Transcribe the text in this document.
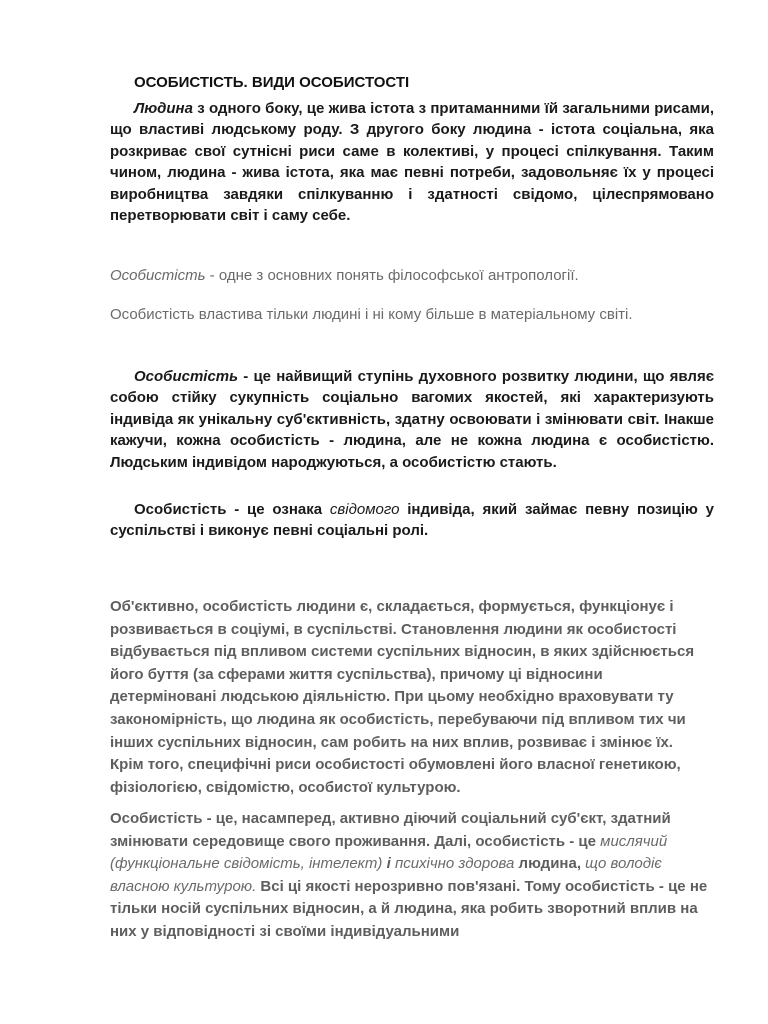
ОСОБИСТІСТЬ. ВИДИ ОСОБИСТОСТІ

Людина з одного боку, це жива істота з притаманними їй загальними рисами, що властиві людському роду. З другого боку людина - істота соціальна, яка розкриває свої сутнісні риси саме в колективі, у процесі спілкування. Таким чином, людина - жива істота, яка має певні потреби, задовольняє їх у процесі виробництва завдяки спілкуванню і здатності свідомо, цілеспрямовано перетворювати світ і саму себе.

Особистість - одне з основних понять філософської антропології.

Особистість властива тільки людині і ні кому більше в матеріальному світі.

Особистість - це найвищий ступінь духовного розвитку людини, що являє собою стійку сукупність соціально вагомих якостей, які характеризують індивіда як унікальну суб'єктивність, здатну освоювати і змінювати світ. Інакше кажучи, кожна особистість - людина, але не кожна людина є особистістю. Людським індивідом народжуються, а особистістю стають.

Особистість - це ознака свідомого індивіда, який займає певну позицію у суспільстві і виконує певні соціальні ролі.

Об'єктивно, особистість людини є, складається, формується, функціонує і розвивається в соціумі, в суспільстві. Становлення людини як особистості відбувається під впливом системи суспільних відносин, в яких здійснюється його буття (за сферами життя суспільства), причому ці відносини детерміновані людською діяльністю. При цьому необхідно враховувати ту закономірність, що людина як особистість, перебуваючи під впливом тих чи інших суспільних відносин, сам робить на них вплив, розвиває і змінює їх. Крім того, специфічні риси особистості обумовлені його власної генетикою, фізіологією, свідомістю, особистої культурою.

Особистість - це, насамперед, активно діючий соціальний суб'єкт, здатний змінювати середовище свого проживання. Далі, особистість - це мислячий (функціональне свідомість, інтелект) і психічно здорова людина, що володіє власною культурою. Всі ці якості нерозривно пов'язані. Тому особистість - це не тільки носій суспільних відносин, а й людина, яка робить зворотний вплив на них у відповідності зі своїми індивідуальними
